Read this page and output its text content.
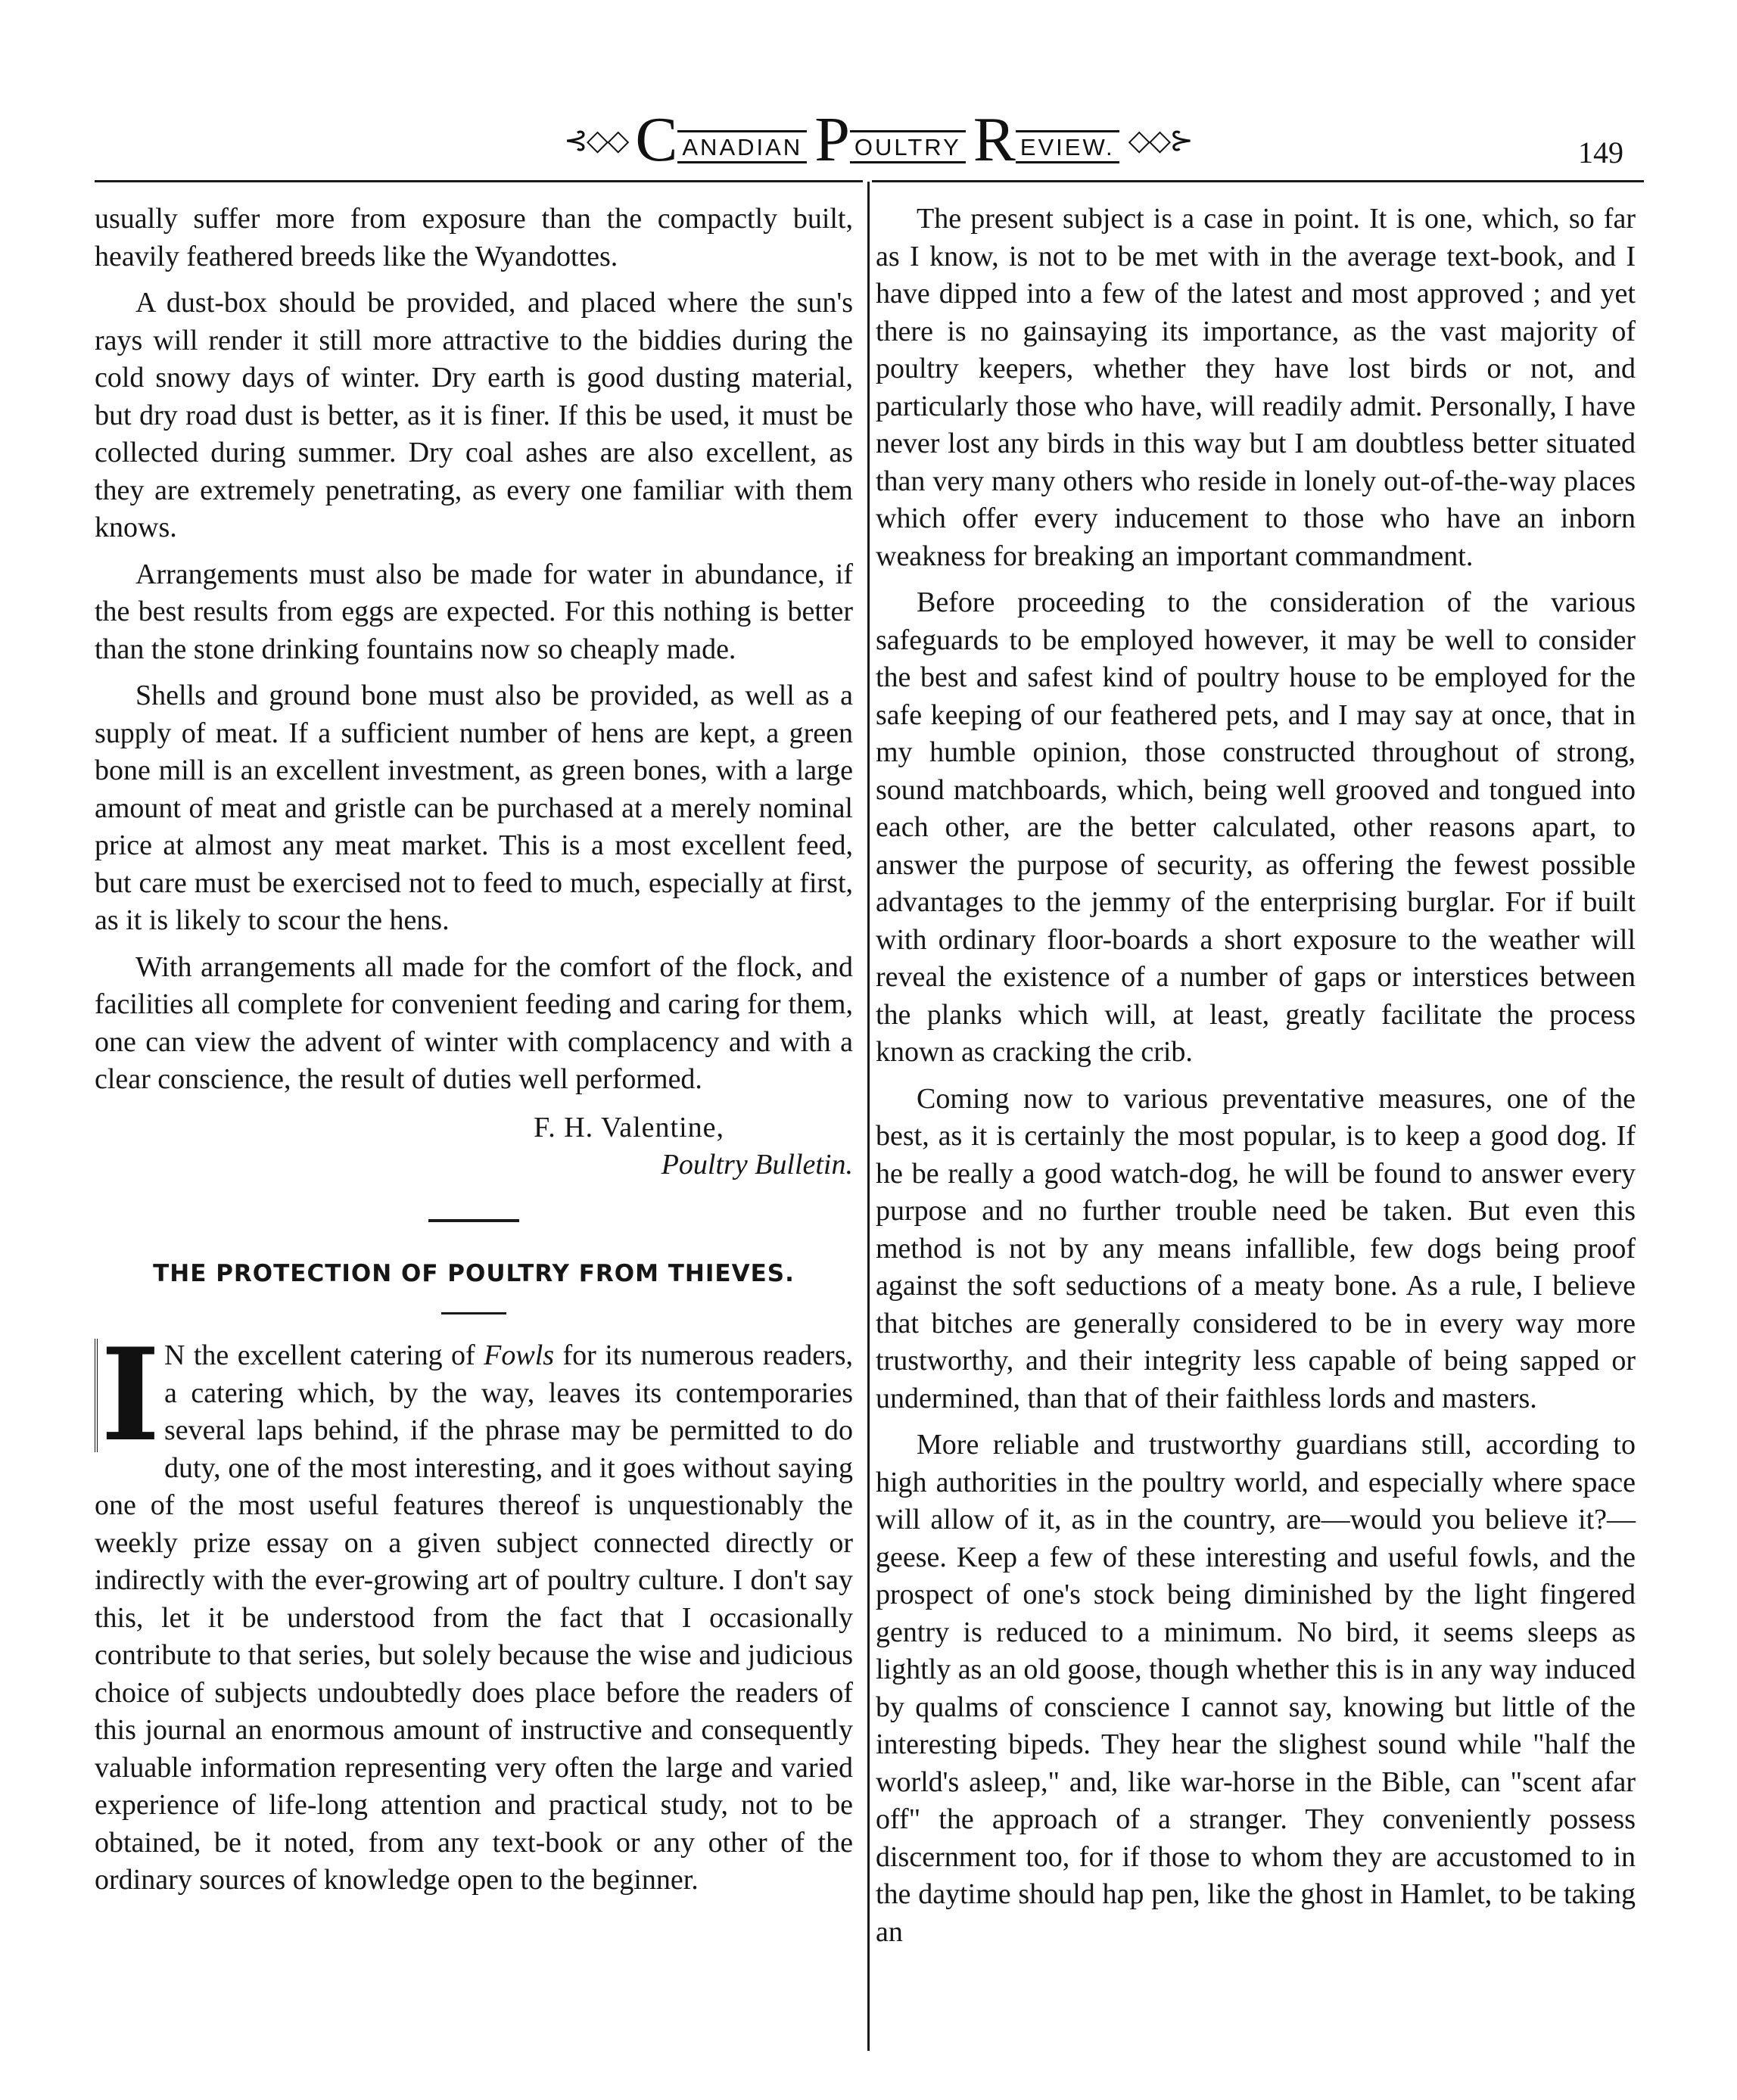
⊰◇◇ C ANADIAN P OULTRY R EVIEW. ◇◇⊱	149

usually suffer more from exposure than the compactly built, heavily feathered breeds like the Wyandottes.

A dust-box should be provided, and placed where the sun's rays will render it still more attractive to the biddies during the cold snowy days of winter. Dry earth is good dusting material, but dry road dust is better, as it is finer. If this be used, it must be collected during summer. Dry coal ashes are also excellent, as they are extremely penetrating, as every one familiar with them knows.

Arrangements must also be made for water in abundance, if the best results from eggs are expected. For this nothing is better than the stone drinking fountains now so cheaply made.

Shells and ground bone must also be provided, as well as a supply of meat. If a sufficient number of hens are kept, a green bone mill is an excellent investment, as green bones, with a large amount of meat and gristle can be purchased at a merely nominal price at almost any meat market. This is a most excellent feed, but care must be exercised not to feed to much, especially at first, as it is likely to scour the hens.

With arrangements all made for the comfort of the flock, and facilities all complete for convenient feeding and caring for them, one can view the advent of winter with complacency and with a clear conscience, the result of duties well performed.

F. H. Valentine,
Poultry Bulletin.
THE PROTECTION OF POULTRY FROM THIEVES.
I N the excellent catering of Fowls for its numerous readers, a catering which, by the way, leaves its contemporaries several laps behind, if the phrase may be permitted to do duty, one of the most interesting, and it goes without saying one of the most useful features thereof is unquestionably the weekly prize essay on a given subject connected directly or indirectly with the ever-growing art of poultry culture. I don't say this, let it be understood from the fact that I occasionally contribute to that series, but solely because the wise and judicious choice of subjects undoubtedly does place before the readers of this journal an enormous amount of instructive and consequently valuable information representing very often the large and varied experience of life-long attention and practical study, not to be obtained, be it noted, from any text-book or any other of the ordinary sources of knowledge open to the beginner.

The present subject is a case in point. It is one, which, so far as I know, is not to be met with in the average text-book, and I have dipped into a few of the latest and most approved ; and yet there is no gainsaying its importance, as the vast majority of poultry keepers, whether they have lost birds or not, and particularly those who have, will readily admit. Personally, I have never lost any birds in this way but I am doubtless better situated than very many others who reside in lonely out-of-the-way places which offer every inducement to those who have an inborn weakness for breaking an important commandment.

Before proceeding to the consideration of the various safeguards to be employed however, it may be well to consider the best and safest kind of poultry house to be employed for the safe keeping of our feathered pets, and I may say at once, that in my humble opinion, those constructed throughout of strong, sound matchboards, which, being well grooved and tongued into each other, are the better calculated, other reasons apart, to answer the purpose of security, as offering the fewest possible advantages to the jemmy of the enterprising burglar. For if built with ordinary floor-boards a short exposure to the weather will reveal the existence of a number of gaps or interstices between the planks which will, at least, greatly facilitate the process known as cracking the crib.

Coming now to various preventative measures, one of the best, as it is certainly the most popular, is to keep a good dog. If he be really a good watch-dog, he will be found to answer every purpose and no further trouble need be taken. But even this method is not by any means infallible, few dogs being proof against the soft seductions of a meaty bone. As a rule, I believe that bitches are generally considered to be in every way more trustworthy, and their integrity less capable of being sapped or undermined, than that of their faithless lords and masters.

More reliable and trustworthy guardians still, according to high authorities in the poultry world, and especially where space will allow of it, as in the country, are—would you believe it?—geese. Keep a few of these interesting and useful fowls, and the prospect of one's stock being diminished by the light fingered gentry is reduced to a minimum. No bird, it seems sleeps as lightly as an old goose, though whether this is in any way induced by qualms of conscience I cannot say, knowing but little of the interesting bipeds. They hear the slighest sound while "half the world's asleep," and, like war-horse in the Bible, can "scent afar off" the approach of a stranger. They conveniently possess discernment too, for if those to whom they are accustomed to in the daytime should hap pen, like the ghost in Hamlet, to be taking an
